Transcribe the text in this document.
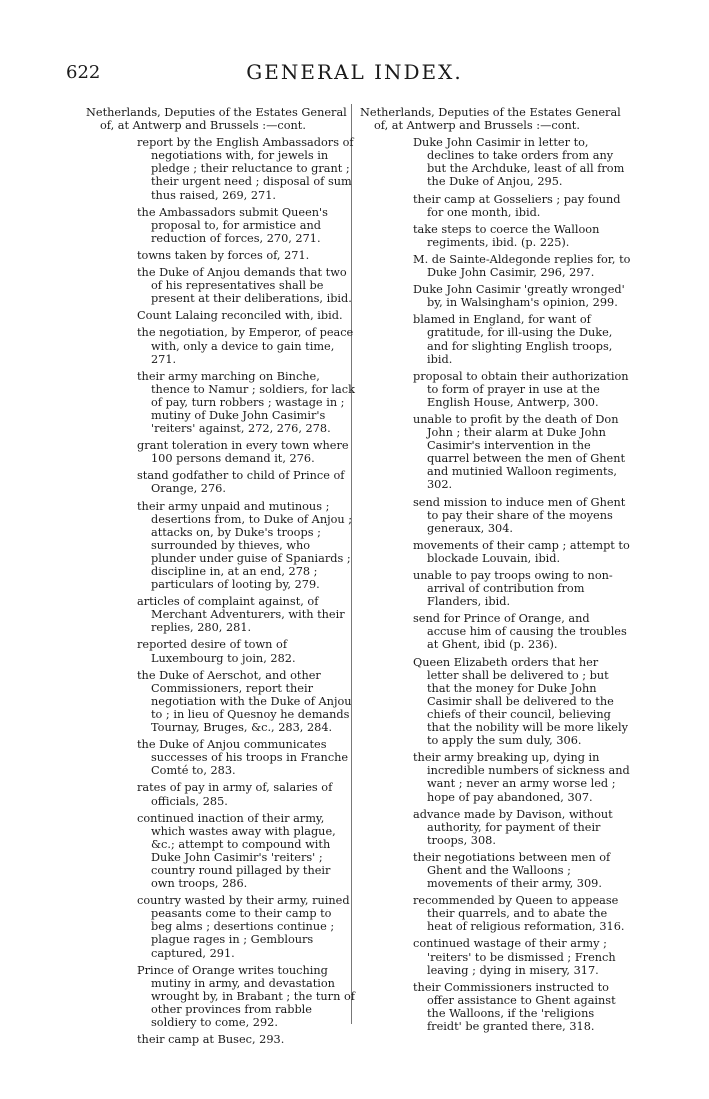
622	GENERAL INDEX.
Netherlands, Deputies of the Estates General of, at Antwerp and Brussels :—cont.
report by the English Ambassadors of negotiations with, for jewels in pledge ; their reluctance to grant ; their urgent need ; disposal of sum thus raised, 269, 271.
the Ambassadors submit Queen's proposal to, for armistice and reduction of forces, 270, 271.
towns taken by forces of, 271.
the Duke of Anjou demands that two of his representatives shall be present at their deliberations, ibid.
Count Lalaing reconciled with, ibid.
the negotiation, by Emperor, of peace with, only a device to gain time, 271.
their army marching on Binche, thence to Namur ; soldiers, for lack of pay, turn robbers ; wastage in ; mutiny of Duke John Casimir's 'reiters' against, 272, 276, 278.
grant toleration in every town where 100 persons demand it, 276.
stand godfather to child of Prince of Orange, 276.
their army unpaid and mutinous ; desertions from, to Duke of Anjou ; attacks on, by Duke's troops ; surrounded by thieves, who plunder under guise of Spaniards ; discipline in, at an end, 278 ; particulars of looting by, 279.
articles of complaint against, of Merchant Adventurers, with their replies, 280, 281.
reported desire of town of Luxembourg to join, 282.
the Duke of Aerschot, and other Commissioners, report their negotiation with the Duke of Anjou to ; in lieu of Quesnoy he demands Tournay, Bruges, &c., 283, 284.
the Duke of Anjou communicates successes of his troops in Franche Comté to, 283.
rates of pay in army of, salaries of officials, 285.
continued inaction of their army, which wastes away with plague, &c.; attempt to compound with Duke John Casimir's 'reiters' ; country round pillaged by their own troops, 286.
country wasted by their army, ruined peasants come to their camp to beg alms ; desertions continue ; plague rages in ; Gemblours captured, 291.
Prince of Orange writes touching mutiny in army, and devastation wrought by, in Brabant ; the turn of other provinces from rabble soldiery to come, 292.
their camp at Busec, 293.
Netherlands, Deputies of the Estates General of, at Antwerp and Brussels :—cont.
Duke John Casimir in letter to, declines to take orders from any but the Archduke, least of all from the Duke of Anjou, 295.
their camp at Gosseliers ; pay found for one month, ibid.
take steps to coerce the Walloon regiments, ibid. (p. 225).
M. de Sainte-Aldegonde replies for, to Duke John Casimir, 296, 297.
Duke John Casimir 'greatly wronged' by, in Walsingham's opinion, 299.
blamed in England, for want of gratitude, for ill-using the Duke, and for slighting English troops, ibid.
proposal to obtain their authorization to form of prayer in use at the English House, Antwerp, 300.
unable to profit by the death of Don John ; their alarm at Duke John Casimir's intervention in the quarrel between the men of Ghent and mutinied Walloon regiments, 302.
send mission to induce men of Ghent to pay their share of the moyens generaux, 304.
movements of their camp ; attempt to blockade Louvain, ibid.
unable to pay troops owing to non-arrival of contribution from Flanders, ibid.
send for Prince of Orange, and accuse him of causing the troubles at Ghent, ibid (p. 236).
Queen Elizabeth orders that her letter shall be delivered to ; but that the money for Duke John Casimir shall be delivered to the chiefs of their council, believing that the nobility will be more likely to apply the sum duly, 306.
their army breaking up, dying in incredible numbers of sickness and want ; never an army worse led ; hope of pay abandoned, 307.
advance made by Davison, without authority, for payment of their troops, 308.
their negotiations between men of Ghent and the Walloons ; movements of their army, 309.
recommended by Queen to appease their quarrels, and to abate the heat of religious reformation, 316.
continued wastage of their army ; 'reiters' to be dismissed ; French leaving ; dying in misery, 317.
their Commissioners instructed to offer assistance to Ghent against the Walloons, if the 'religions freidt' be granted there, 318.
